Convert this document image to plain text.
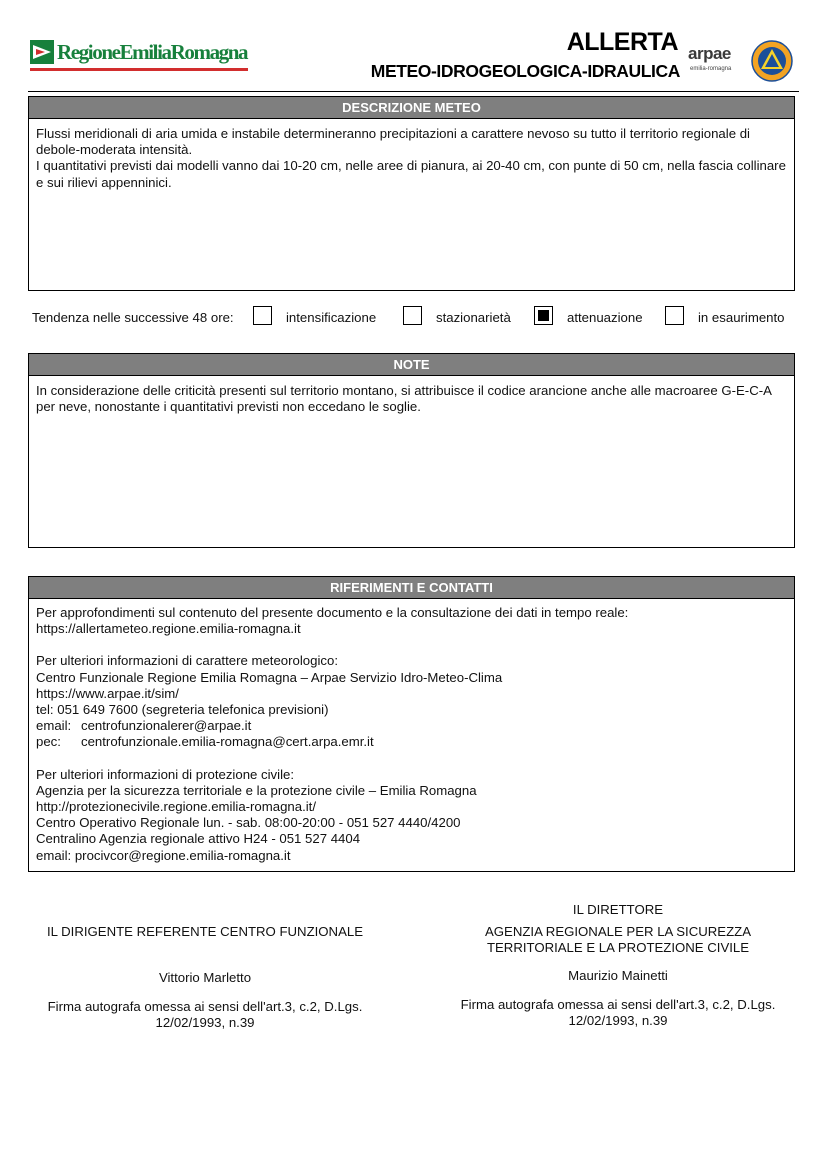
RegioneEmiliaRomagna	ALLERTA
METEO-IDROGEOLOGICA-IDRAULICA
arpae
emilia-romagna
DESCRIZIONE METEO

Flussi meridionali di aria umida e instabile determineranno precipitazioni a carattere nevoso su tutto il territorio regionale di debole-moderata intensità.

I quantitativi previsti dai modelli vanno dai 10-20 cm, nelle aree di pianura, ai 20-40 cm, con punte di 50 cm, nella fascia collinare e sui rilievi appenninici.

Tendenza nelle successive 48 ore:	intensificazione	stazionarietà	attenuazione	in esaurimento
NOTE

In considerazione delle criticità presenti sul territorio montano, si attribuisce il codice arancione anche alle macroaree G-E-C-A per neve, nonostante i quantitativi previsti non eccedano le soglie.

RIFERIMENTI E CONTATTI
Per approfondimenti sul contenuto del presente documento e la consultazione dei dati in tempo reale:
https://allertameteo.regione.emilia-romagna.it
Per ulteriori informazioni di carattere meteorologico:
Centro Funzionale Regione Emilia Romagna – Arpae Servizio Idro-Meteo-Clima
https://www.arpae.it/sim/
tel: 051 649 7600 (segreteria telefonica previsioni)
email: centrofunzionalerer@arpae.it
pec: centrofunzionale.emilia-romagna@cert.arpa.emr.it
Per ulteriori informazioni di protezione civile:
Agenzia per la sicurezza territoriale e la protezione civile – Emilia Romagna
http://protezionecivile.regione.emilia-romagna.it/
Centro Operativo Regionale lun. - sab. 08:00-20:00 - 051 527 4440/4200
Centralino Agenzia regionale attivo H24 - 051 527 4404
email: procivcor@regione.emilia-romagna.it
IL DIRIGENTE REFERENTE CENTRO FUNZIONALE
Vittorio Marletto
Firma autografa omessa ai sensi dell'art.3, c.2, D.Lgs.
12/02/1993, n.39
IL DIRETTORE
AGENZIA REGIONALE PER LA SICUREZZA
TERRITORIALE E LA PROTEZIONE CIVILE
Maurizio Mainetti
Firma autografa omessa ai sensi dell'art.3, c.2, D.Lgs.
12/02/1993, n.39
